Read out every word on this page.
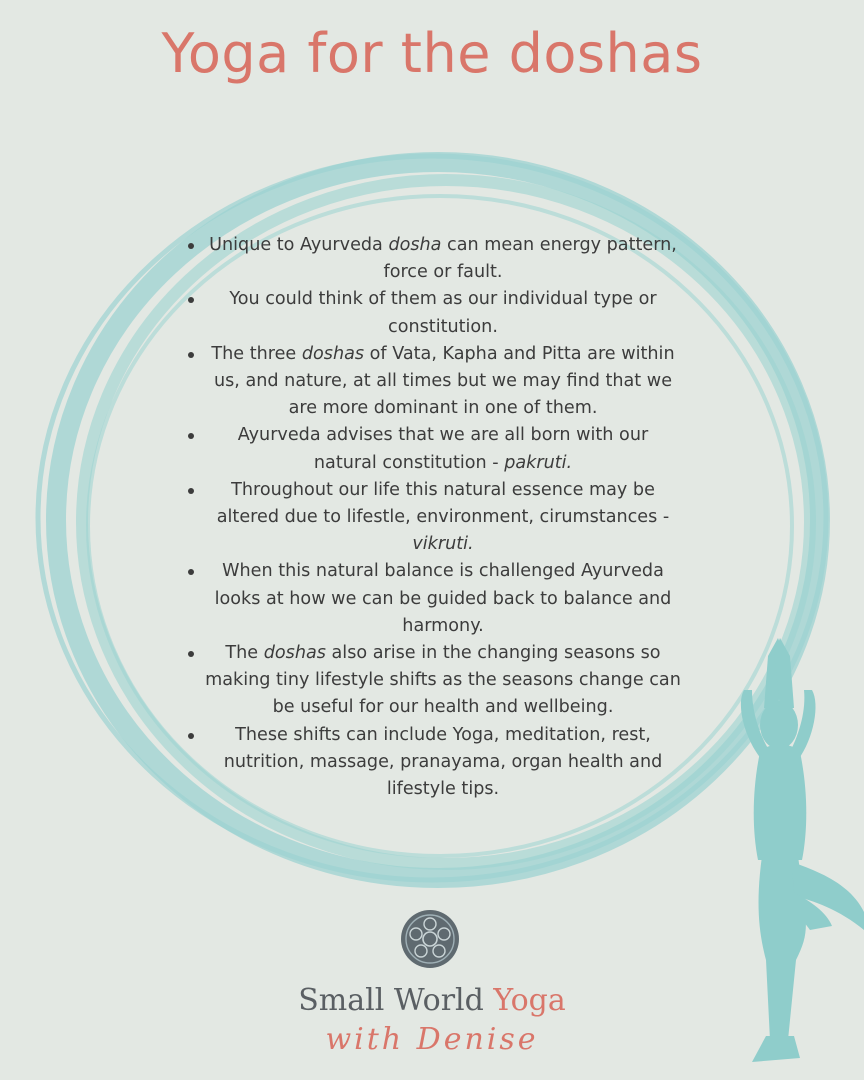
Yoga for the doshas
Unique to Ayurveda dosha can mean energy pattern, force or fault.
You could think of them as our individual type or constitution.
The three doshas of Vata, Kapha and Pitta are within us, and nature, at all times but we may find that we are more dominant in one of them.
Ayurveda advises that we are all born with our natural constitution - pakruti.
Throughout our life this natural essence may be altered due to lifestle, environment, cirumstances - vikruti.
When this natural balance is challenged Ayurveda looks at how we can be guided back to balance and harmony.
The doshas also arise in the changing seasons so making tiny lifestyle shifts as the seasons change can be useful for our health and wellbeing.
These shifts can include Yoga, meditation, rest, nutrition, massage, pranayama, organ health and lifestyle tips.
Small World Yoga
with Denise
